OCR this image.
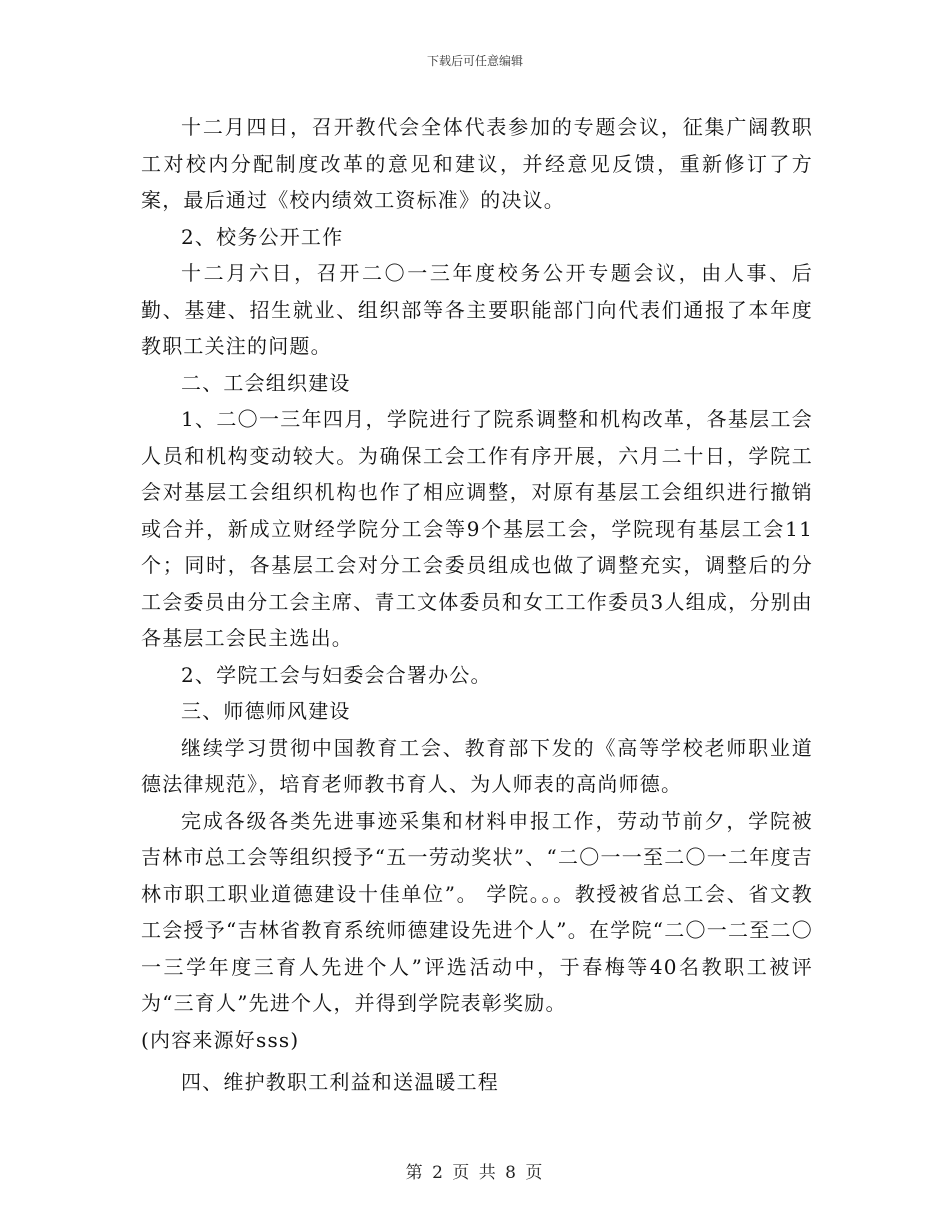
下载后可任意编辑

十二月四日，召开教代会全体代表参加的专题会议，征集广阔教职工对校内分配制度改革的意见和建议，并经意见反馈，重新修订了方案，最后通过《校内绩效工资标准》的决议。

2、校务公开工作

十二月六日，召开二〇一三年度校务公开专题会议，由人事、后勤、基建、招生就业、组织部等各主要职能部门向代表们通报了本年度教职工关注的问题。

二、工会组织建设

1、二〇一三年四月，学院进行了院系调整和机构改革，各基层工会人员和机构变动较大。为确保工会工作有序开展，六月二十日，学院工会对基层工会组织机构也作了相应调整，对原有基层工会组织进行撤销或合并，新成立财经学院分工会等9个基层工会，学院现有基层工会11个；同时，各基层工会对分工会委员组成也做了调整充实，调整后的分工会委员由分工会主席、青工文体委员和女工工作委员3人组成，分别由各基层工会民主选出。

2、学院工会与妇委会合署办公。

三、师德师风建设

继续学习贯彻中国教育工会、教育部下发的《高等学校老师职业道德法律规范》，培育老师教书育人、为人师表的高尚师德。

完成各级各类先进事迹采集和材料申报工作，劳动节前夕，学院被吉林市总工会等组织授予“五一劳动奖状”、“二〇一一至二〇一二年度吉林市职工职业道德建设十佳单位”。 学院。。。教授被省总工会、省文教工会授予“吉林省教育系统师德建设先进个人”。在学院“二〇一二至二〇一三学年度三育人先进个人”评选活动中，于春梅等40名教职工被评为“三育人”先进个人，并得到学院表彰奖励。

(内容来源好sss)

四、维护教职工利益和送温暖工程

第 2 页 共 8 页
